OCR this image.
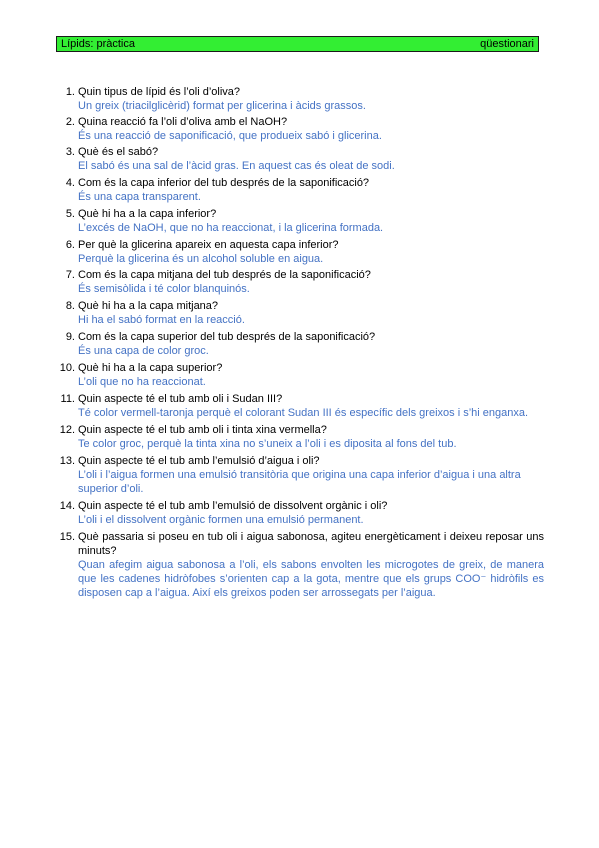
Lípids: pràctica	qüestionari
1. Quin tipus de lípid és l’oli d’oliva?
Un greix (triacilglicèrid) format per glicerina i àcids grassos.
2. Quina reacció fa l’oli d’oliva amb el NaOH?
És una reacció de saponificació, que produeix sabó i glicerina.
3. Què és el sabó?
El sabó és una sal de l’àcid gras. En aquest cas és oleat de sodi.
4. Com és la capa inferior del tub després de la saponificació?
És una capa transparent.
5. Què hi ha a la capa inferior?
L’excés de NaOH, que no ha reaccionat, i la glicerina formada.
6. Per què la glicerina apareix en aquesta capa inferior?
Perquè la glicerina és un alcohol soluble en aigua.
7. Com és la capa mitjana del tub després de la saponificació?
És semisòlida i té color blanquinós.
8. Què hi ha a la capa mitjana?
Hi ha el sabó format en la reacció.
9. Com és la capa superior del tub després de la saponificació?
És una capa de color groc.
10. Què hi ha a la capa superior?
L’oli que no ha reaccionat.
11. Quin aspecte té el tub amb oli i Sudan III?
Té color vermell-taronja perquè el colorant Sudan III és específic dels greixos i s’hi enganxa.
12. Quin aspecte té el tub amb oli i tinta xina vermella?
Te color groc, perquè la tinta xina no s’uneix a l’oli i es diposita al fons del tub.
13. Quin aspecte té el tub amb l’emulsió d’aigua i oli?
L’oli i l’aigua formen una emulsió transitòria que origina una capa inferior d’aigua i una altra superior d’oli.
14. Quin aspecte té el tub amb l’emulsió de dissolvent orgànic i oli?
L’oli i el dissolvent orgànic formen una emulsió permanent.
15. Què passaria si poseu en tub oli i aigua sabonosa, agiteu energèticament i deixeu reposar uns minuts?
Quan afegim aigua sabonosa a l’oli, els sabons envolten les microgotes de greix, de manera que les cadenes hidròfobes s’orienten cap a la gota, mentre que els grups COO⁻ hidròfils es disposen cap a l’aigua. Així els greixos poden ser arrossegats per l’aigua.
